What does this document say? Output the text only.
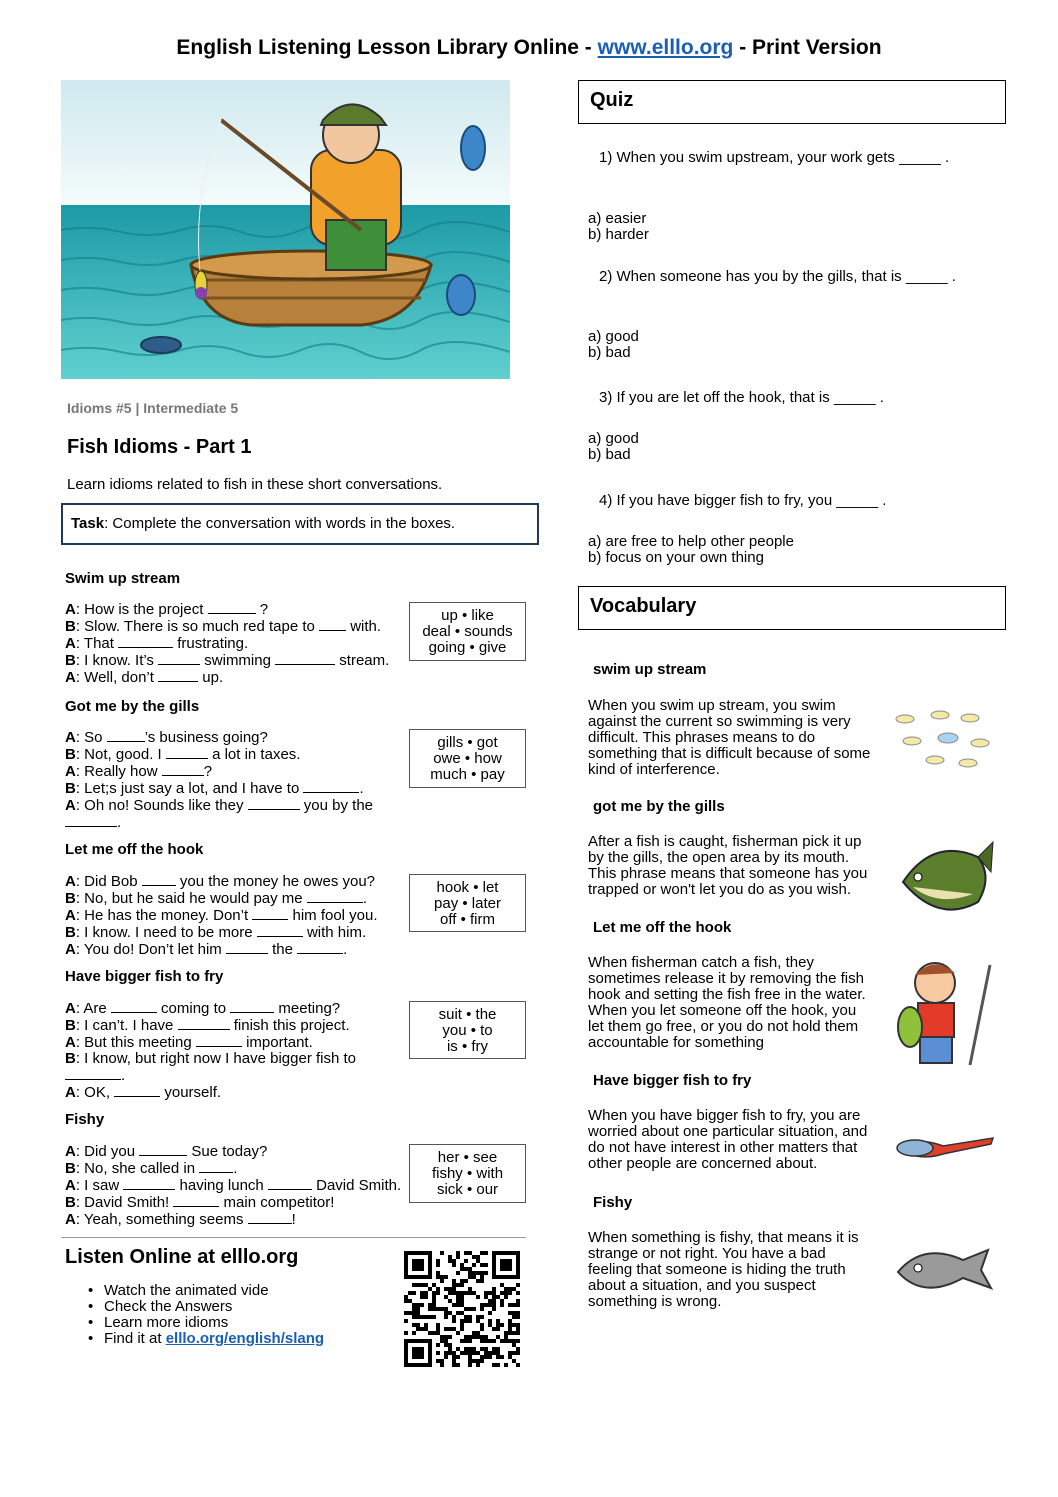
English Listening Lesson Library Online - www.elllo.org - Print Version
Idioms #5 | Intermediate 5
Fish Idioms - Part 1
Learn idioms related to fish in these short conversations.
Task: Complete the conversation with words in the boxes.
Swim up stream
A: How is the project	?
B: Slow. There is so much red tape to  with.
A: That	frustrating.
B: I know. It’s	swimming	stream.
A: Well, don’t	up.
up • like
deal • sounds
going • give
Got me by the gills
A: So	’s business going?
B: Not, good. I	a lot in taxes.
A: Really how	?
B: Let;s just say a lot, and I have to	.
A: Oh no! Sounds like they	you by the
.
gills • got
owe • how
much • pay
Let me off the hook
A: Did Bob  you the money he owes you?
B: No, but he said he would pay me	.
A: He has the money. Don’t  him fool you.
B: I know. I need to be more	with him.
A: You do! Don’t let him	the	.
hook • let
pay • later
off • firm
Have bigger fish to fry
A: Are	coming to	meeting?
B: I can’t. I have	finish this project.
A: But this meeting	important.
B: I know, but right now I have bigger fish to
.
A: OK,	yourself.
suit • the
you • to
is • fry
Fishy
A: Did you	Sue today?
B: No, she called in .
A: I saw	having lunch	David Smith.
B: David Smith!	main competitor!
A: Yeah, something seems	!
her • see
fishy • with
sick • our
Listen Online at elllo.org
• Watch the animated vide
• Check the Answers
• Learn more idioms
• Find it at elllo.org/english/slang
Quiz
1) When you swim upstream, your work gets _____ .
a) easier
b) harder
2) When someone has you by the gills, that is _____ .
a) good
b) bad
3) If you are let off the hook, that is _____ .
a) good
b) bad
4) If you have bigger fish to fry, you _____ .
a) are free to help other people
b) focus on your own thing
Vocabulary
swim up stream
When you swim up stream, you swim
against the current so swimming is very
difficult. This phrases means to do
something that is difficult because of some
kind of interference.
got me by the gills
After a fish is caught, fisherman pick it up
by the gills, the open area by its mouth.
This phrase means that someone has you
trapped or won't let you do as you wish.
Let me off the hook
When fisherman catch a fish, they
sometimes release it by removing the fish
hook and setting the fish free in the water.
When you let someone off the hook, you
let them go free, or you do not hold them
accountable for something
Have bigger fish to fry
When you have bigger fish to fry, you are
worried about one particular situation, and
do not have interest in other matters that
other people are concerned about.
Fishy
When something is fishy, that means it is
strange or not right. You have a bad
feeling that someone is hiding the truth
about a situation, and you suspect
something is wrong.
